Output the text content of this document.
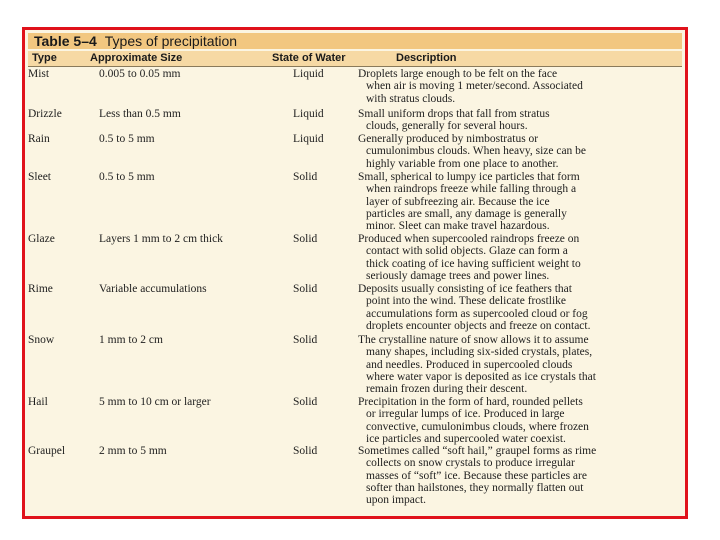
Table 5–4 Types of precipitation
Type	Approximate Size	State of Water	Description
Mist	0.005 to 0.05 mm	Liquid	Droplets large enough to be felt on the face
when air is moving 1 meter/second. Associated
with stratus clouds.
Drizzle	Less than 0.5 mm	Liquid	Small uniform drops that fall from stratus
clouds, generally for several hours.
Rain	0.5 to 5 mm	Liquid	Generally produced by nimbostratus or
cumulonimbus clouds. When heavy, size can be
highly variable from one place to another.
Sleet	0.5 to 5 mm	Solid	Small, spherical to lumpy ice particles that form
when raindrops freeze while falling through a
layer of subfreezing air. Because the ice
particles are small, any damage is generally
minor. Sleet can make travel hazardous.
Glaze	Layers 1 mm to 2 cm thick	Solid	Produced when supercooled raindrops freeze on
contact with solid objects. Glaze can form a
thick coating of ice having sufficient weight to
seriously damage trees and power lines.
Rime	Variable accumulations	Solid	Deposits usually consisting of ice feathers that
point into the wind. These delicate frostlike
accumulations form as supercooled cloud or fog
droplets encounter objects and freeze on contact.
Snow	1 mm to 2 cm	Solid	The crystalline nature of snow allows it to assume
many shapes, including six-sided crystals, plates,
and needles. Produced in supercooled clouds
where water vapor is deposited as ice crystals that
remain frozen during their descent.
Hail	5 mm to 10 cm or larger	Solid	Precipitation in the form of hard, rounded pellets
or irregular lumps of ice. Produced in large
convective, cumulonimbus clouds, where frozen
ice particles and supercooled water coexist.
Graupel	2 mm to 5 mm	Solid	Sometimes called “soft hail,” graupel forms as rime
collects on snow crystals to produce irregular
masses of “soft” ice. Because these particles are
softer than hailstones, they normally flatten out
upon impact.
